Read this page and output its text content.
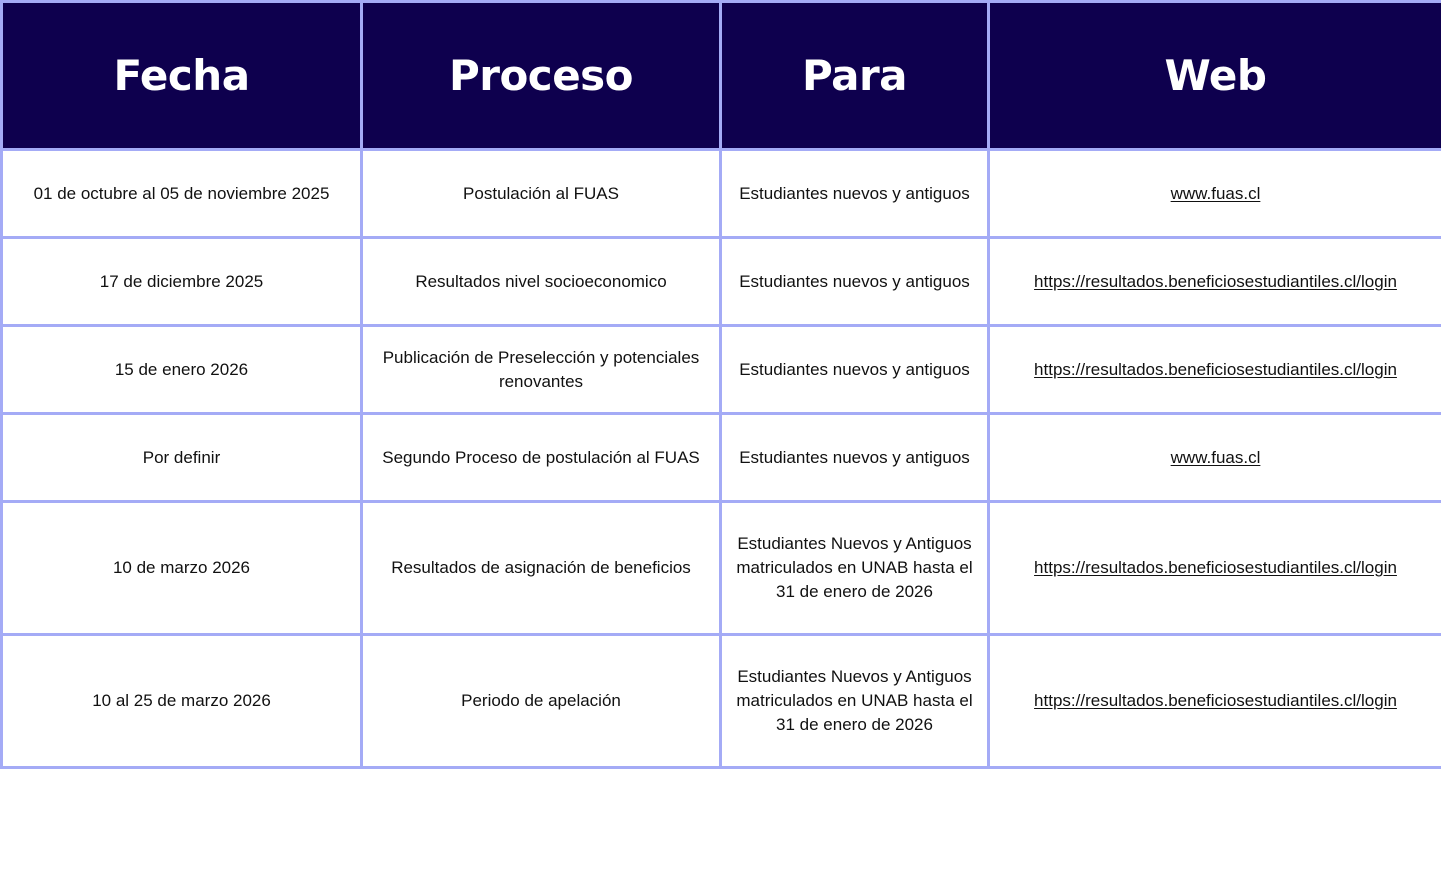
Fecha	Proceso	Para	Web
01 de octubre al 05 de noviembre 2025	Postulación al FUAS	Estudiantes nuevos y antiguos	www.fuas.cl
17 de diciembre 2025	Resultados nivel socioeconomico	Estudiantes nuevos y antiguos	https://resultados.beneficiosestudiantiles.cl/login
15 de enero 2026	Publicación de Preselección y potenciales renovantes	Estudiantes nuevos y antiguos	https://resultados.beneficiosestudiantiles.cl/login
Por definir	Segundo Proceso de postulación al FUAS	Estudiantes nuevos y antiguos	www.fuas.cl
10 de marzo 2026	Resultados de asignación de beneficios	Estudiantes Nuevos y Antiguos matriculados en UNAB hasta el 31 de enero de 2026	https://resultados.beneficiosestudiantiles.cl/login
10 al 25 de marzo 2026	Periodo de apelación	Estudiantes Nuevos y Antiguos matriculados en UNAB hasta el 31 de enero de 2026	https://resultados.beneficiosestudiantiles.cl/login
